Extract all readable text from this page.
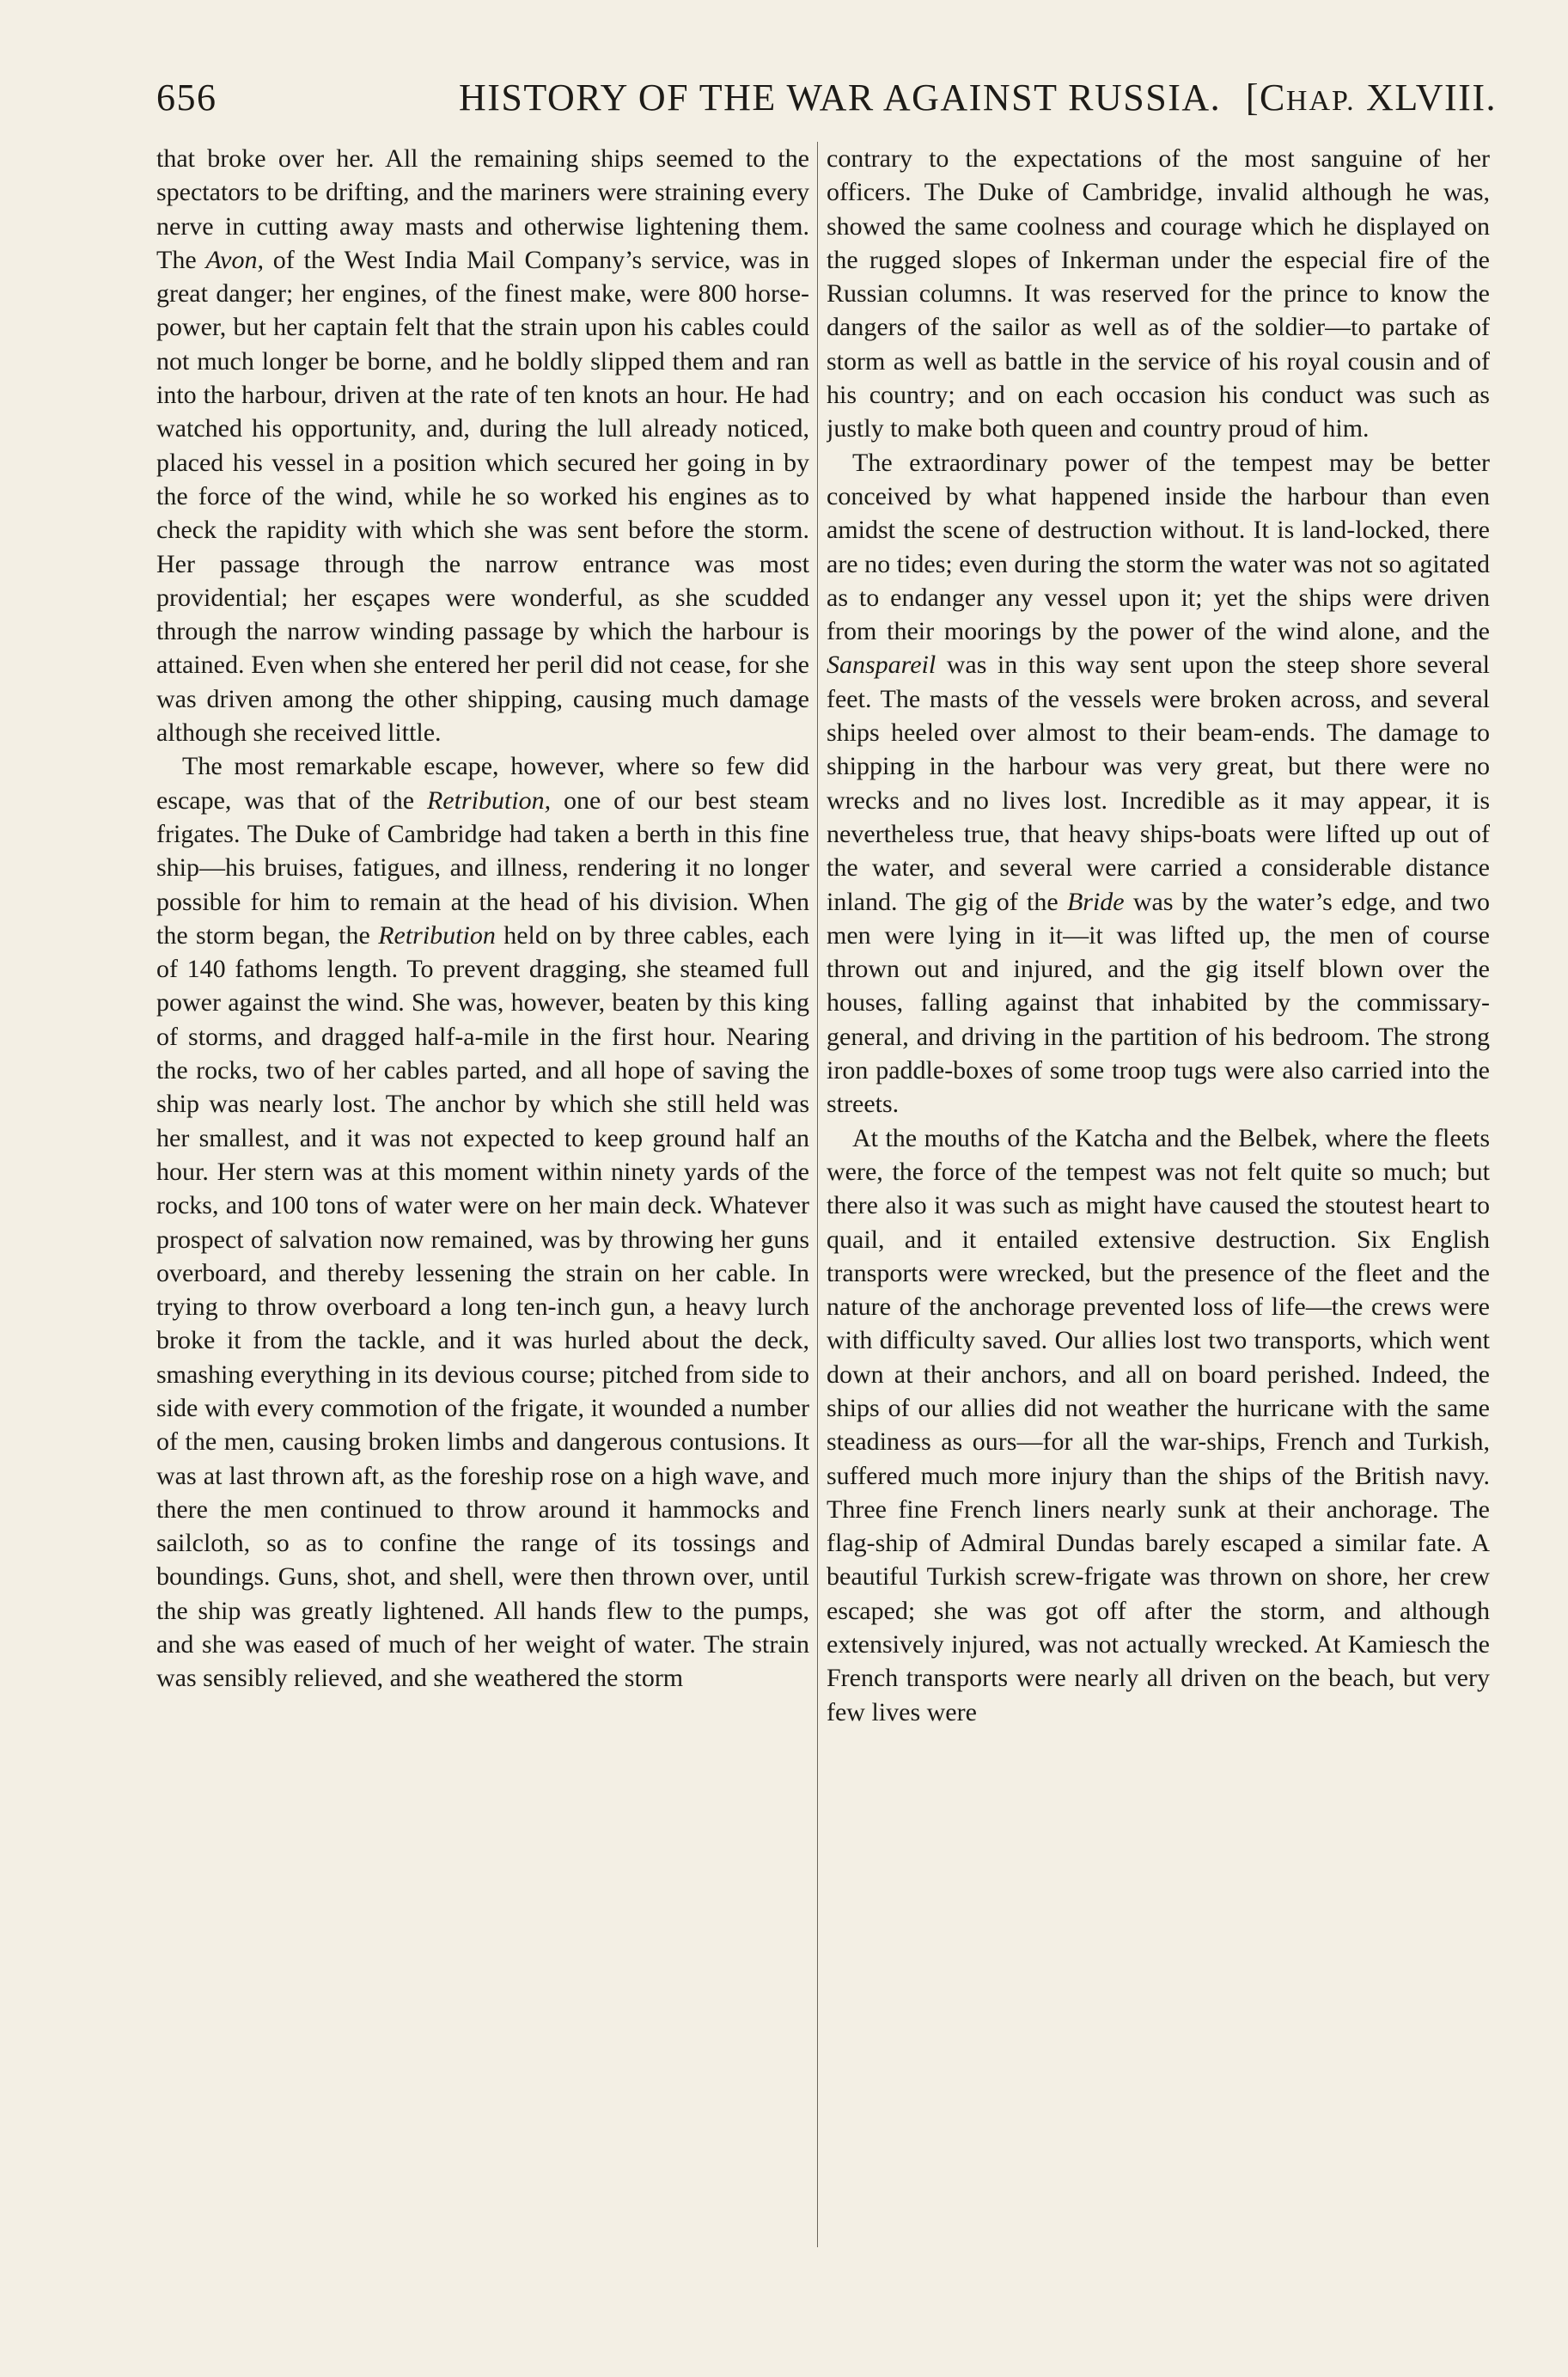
656	HISTORY OF THE WAR AGAINST RUSSIA. [CHAP. XLVIII.

that broke over her. All the remaining ships seemed to the spectators to be drifting, and the mariners were straining every nerve in cutting away masts and otherwise lightening them. The Avon, of the West India Mail Company’s service, was in great danger; her engines, of the finest make, were 800 horse-power, but her captain felt that the strain upon his cables could not much longer be borne, and he boldly slipped them and ran into the harbour, driven at the rate of ten knots an hour. He had watched his opportunity, and, during the lull already noticed, placed his vessel in a position which secured her going in by the force of the wind, while he so worked his engines as to check the rapidity with which she was sent before the storm. Her passage through the narrow entrance was most providential; her esçapes were wonderful, as she scudded through the narrow winding passage by which the harbour is attained. Even when she entered her peril did not cease, for she was driven among the other shipping, causing much damage although she received little.

The most remarkable escape, however, where so few did escape, was that of the Retribution, one of our best steam frigates. The Duke of Cambridge had taken a berth in this fine ship—his bruises, fatigues, and illness, rendering it no longer possible for him to remain at the head of his division. When the storm began, the Retribution held on by three cables, each of 140 fathoms length. To prevent dragging, she steamed full power against the wind. She was, however, beaten by this king of storms, and dragged half-a-mile in the first hour. Nearing the rocks, two of her cables parted, and all hope of saving the ship was nearly lost. The anchor by which she still held was her smallest, and it was not expected to keep ground half an hour. Her stern was at this moment within ninety yards of the rocks, and 100 tons of water were on her main deck. Whatever prospect of salvation now remained, was by throwing her guns overboard, and thereby lessening the strain on her cable. In trying to throw overboard a long ten-inch gun, a heavy lurch broke it from the tackle, and it was hurled about the deck, smashing everything in its devious course; pitched from side to side with every commotion of the frigate, it wounded a number of the men, causing broken limbs and dangerous contusions. It was at last thrown aft, as the foreship rose on a high wave, and there the men continued to throw around it hammocks and sailcloth, so as to confine the range of its tossings and boundings. Guns, shot, and shell, were then thrown over, until the ship was greatly lightened. All hands flew to the pumps, and she was eased of much of her weight of water. The strain was sensibly relieved, and she weathered the storm

contrary to the expectations of the most sanguine of her officers. The Duke of Cambridge, invalid although he was, showed the same coolness and courage which he displayed on the rugged slopes of Inkerman under the especial fire of the Russian columns. It was reserved for the prince to know the dangers of the sailor as well as of the soldier—to partake of storm as well as battle in the service of his royal cousin and of his country; and on each occasion his conduct was such as justly to make both queen and country proud of him.

The extraordinary power of the tempest may be better conceived by what happened inside the harbour than even amidst the scene of destruction without. It is land-locked, there are no tides; even during the storm the water was not so agitated as to endanger any vessel upon it; yet the ships were driven from their moorings by the power of the wind alone, and the Sanspareil was in this way sent upon the steep shore several feet. The masts of the vessels were broken across, and several ships heeled over almost to their beam-ends. The damage to shipping in the harbour was very great, but there were no wrecks and no lives lost. Incredible as it may appear, it is nevertheless true, that heavy ships-boats were lifted up out of the water, and several were carried a considerable distance inland. The gig of the Bride was by the water’s edge, and two men were lying in it—it was lifted up, the men of course thrown out and injured, and the gig itself blown over the houses, falling against that inhabited by the commissary-general, and driving in the partition of his bedroom. The strong iron paddle-boxes of some troop tugs were also carried into the streets.

At the mouths of the Katcha and the Belbek, where the fleets were, the force of the tempest was not felt quite so much; but there also it was such as might have caused the stoutest heart to quail, and it entailed extensive destruction. Six English transports were wrecked, but the presence of the fleet and the nature of the anchorage prevented loss of life—the crews were with difficulty saved. Our allies lost two transports, which went down at their anchors, and all on board perished. Indeed, the ships of our allies did not weather the hurricane with the same steadiness as ours—for all the war-ships, French and Turkish, suffered much more injury than the ships of the British navy. Three fine French liners nearly sunk at their anchorage. The flag-ship of Admiral Dundas barely escaped a similar fate. A beautiful Turkish screw-frigate was thrown on shore, her crew escaped; she was got off after the storm, and although extensively injured, was not actually wrecked. At Kamiesch the French transports were nearly all driven on the beach, but very few lives were
